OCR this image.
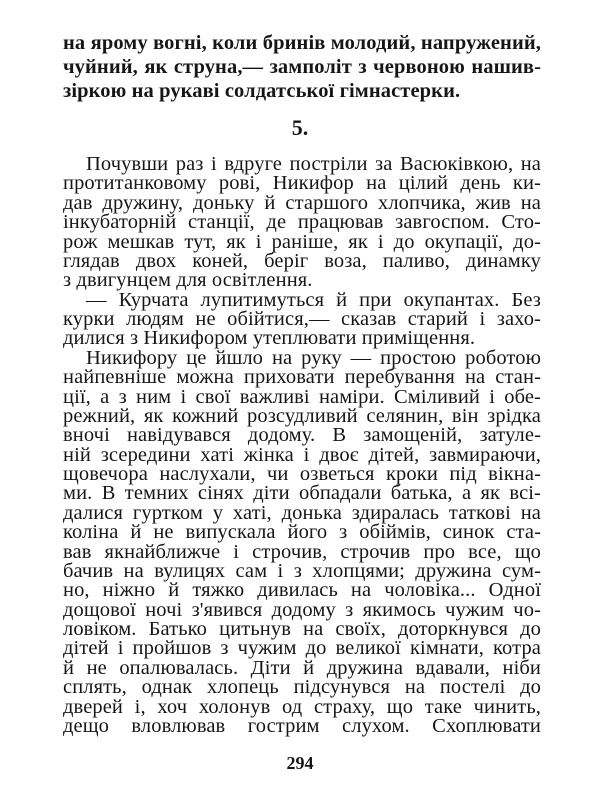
на ярому вогні, коли бринів молодий, напружений,
чуйний, як струна,— замполіт з червоною нашив-
зіркою на рукаві солдатської гімнастерки.
5.
Почувши раз і вдруге постріли за Васюківкою, на
протитанковому рові, Никифор на цілий день ки-
дав дружину, доньку й старшого хлопчика, жив на
інкубаторній станції, де працював завгоспом. Сто-
рож мешкав тут, як і раніше, як і до окупації, до-
глядав двох коней, беріг воза, паливо, динамку
з двигунцем для освітлення.
— Курчата лупитимуться й при окупантах. Без
курки людям не обійтися,— сказав старий і захо-
дилися з Никифором утеплювати приміщення.
Никифору це йшло на руку — простою роботою
найпевніше можна приховати перебування на стан-
ції, а з ним і свої важливі наміри. Сміливий і обе-
режний, як кожний розсудливий селянин, він зрідка
вночі навідувався додому. В замощеній, затуле-
ній зсередини хаті жінка і двоє дітей, завмираючи,
щовечора наслухали, чи озветься кроки під вікна-
ми. В темних сінях діти обпадали батька, а як всі-
далися гуртком у хаті, донька здиралась таткові на
коліна й не випускала його з обіймів, синок ста-
вав якнайближче і строчив, строчив про все, що
бачив на вулицях сам і з хлопцями; дружина сум-
но, ніжно й тяжко дивилась на чоловіка... Одної
дощової ночі з'явився додому з якимось чужим чо-
ловіком. Батько цитьнув на своїх, доторкнувся до
дітей і пройшов з чужим до великої кімнати, котра
й не опалювалась. Діти й дружина вдавали, ніби
сплять, однак хлопець підсунувся на постелі до
дверей і, хоч холонув од страху, що таке чинить,
дещо вловлював гострим слухом. Схоплювати
294
